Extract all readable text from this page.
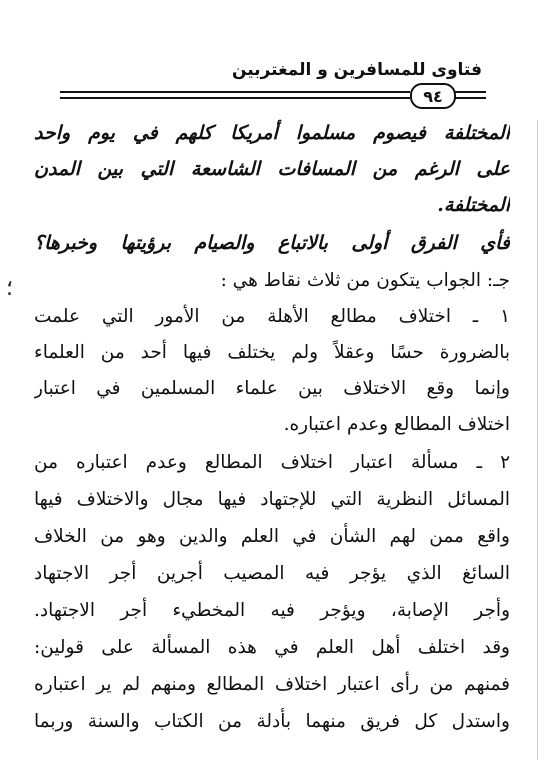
فتاوى للمسافرين و المغتربين
٩٤
؛
المختلفة فيصوم مسلموا أمريكا كلهم في يوم واحد
على الرغم من المسافات الشاسعة التي بين المدن
المختلفة.
فأي الفرق أولى بالاتباع والصيام برؤيتها وخبرها؟
جـ: الجواب يتكون من ثلاث نقاط هي :
١ ـ اختلاف مطالع الأهلة من الأمور التي علمت
بالضرورة حسًا وعقلاً ولم يختلف فيها أحد من العلماء
وإنما وقع الاختلاف بين علماء المسلمين في اعتبار
اختلاف المطالع وعدم اعتباره.
٢ ـ مسألة اعتبار اختلاف المطالع وعدم اعتباره من
المسائل النظرية التي للإجتهاد فيها مجال والاختلاف فيها
واقع ممن لهم الشأن في العلم والدين وهو من الخلاف
السائغ الذي يؤجر فيه المصيب أجرين أجر الاجتهاد
وأجر الإصابة، ويؤجر فيه المخطيء أجر الاجتهاد.
وقد اختلف أهل العلم في هذه المسألة على قولين:
فمنهم من رأى اعتبار اختلاف المطالع ومنهم لم ير اعتباره
واستدل كل فريق منهما بأدلة من الكتاب والسنة وربما
